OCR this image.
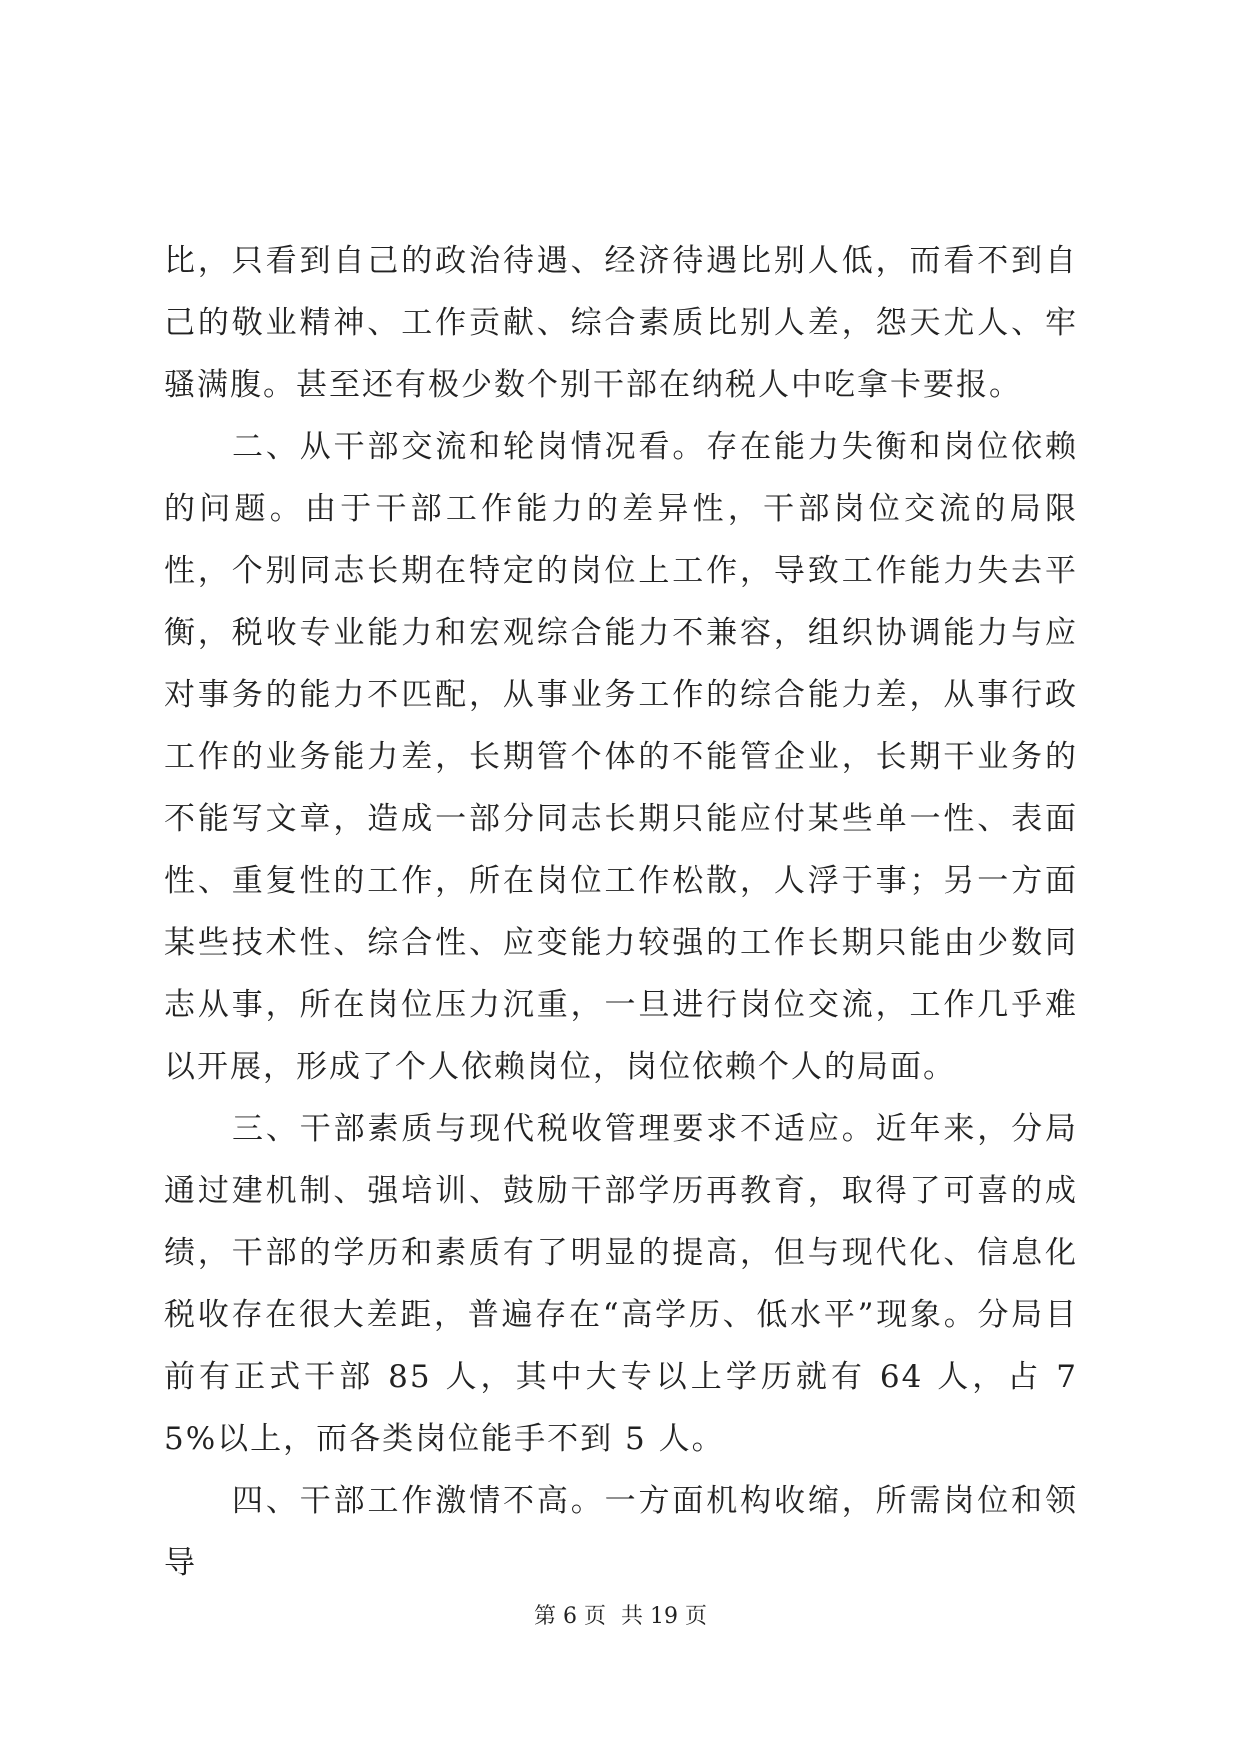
比，只看到自己的政治待遇、经济待遇比别人低，而看不到自己的敬业精神、工作贡献、综合素质比别人差，怨天尤人、牢骚满腹。甚至还有极少数个别干部在纳税人中吃拿卡要报。

二、从干部交流和轮岗情况看。存在能力失衡和岗位依赖的问题。由于干部工作能力的差异性，干部岗位交流的局限性，个别同志长期在特定的岗位上工作，导致工作能力失去平衡，税收专业能力和宏观综合能力不兼容，组织协调能力与应对事务的能力不匹配，从事业务工作的综合能力差，从事行政工作的业务能力差，长期管个体的不能管企业，长期干业务的不能写文章，造成一部分同志长期只能应付某些单一性、表面性、重复性的工作，所在岗位工作松散，人浮于事；另一方面某些技术性、综合性、应变能力较强的工作长期只能由少数同志从事，所在岗位压力沉重，一旦进行岗位交流，工作几乎难以开展，形成了个人依赖岗位，岗位依赖个人的局面。

三、干部素质与现代税收管理要求不适应。近年来，分局通过建机制、强培训、鼓励干部学历再教育，取得了可喜的成绩，干部的学历和素质有了明显的提高，但与现代化、信息化税收存在很大差距，普遍存在“高学历、低水平”现象。分局目前有正式干部 85 人，其中大专以上学历就有 64 人，占 75%以上，而各类岗位能手不到 5 人。

四、干部工作激情不高。一方面机构收缩，所需岗位和领导

第 6 页 共 19 页
